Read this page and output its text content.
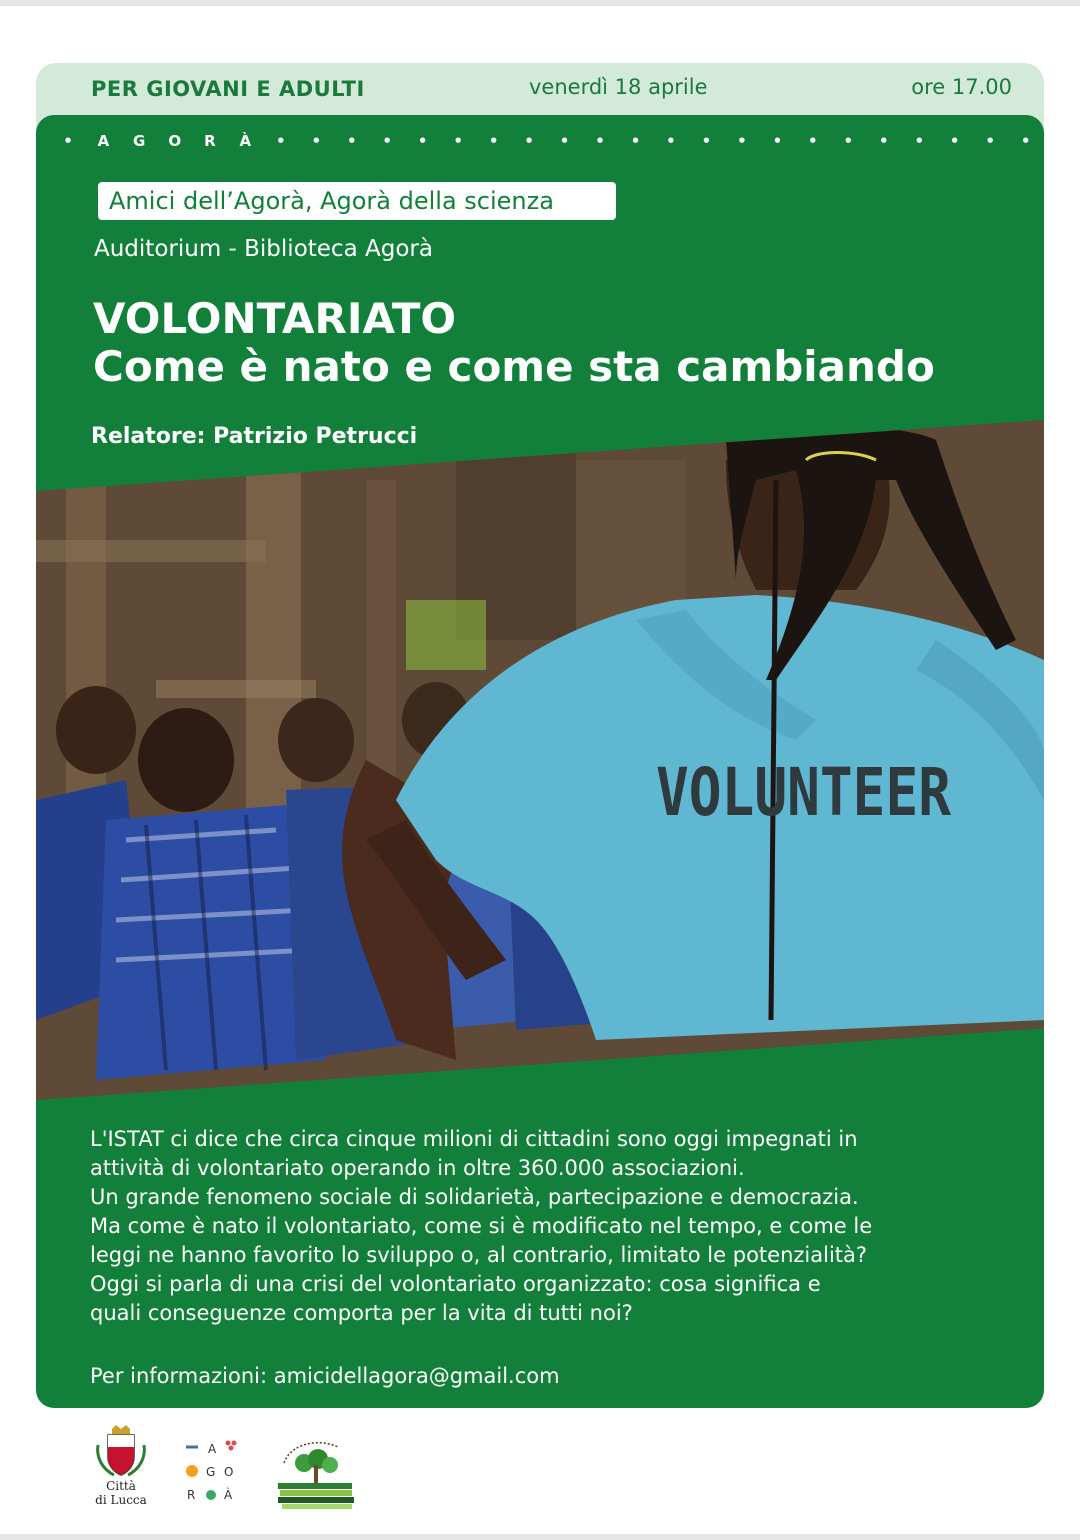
PER GIOVANI E ADULTI	venerdì 18 aprile	ore 17.00
• A G O R À • • • • • • • • • • • • • • • • • • • • • •
Amici dell’Agorà, Agorà della scienza
Auditorium - Biblioteca Agorà
VOLONTARIATO
Come è nato e come sta cambiando
Relatore: Patrizio Petrucci
VOLUNTEER

L'ISTAT ci dice che circa cinque milioni di cittadini sono oggi impegnati in

attività di volontariato operando in oltre 360.000 associazioni.

Un grande fenomeno sociale di solidarietà, partecipazione e democrazia.

Ma come è nato il volontariato, come si è modificato nel tempo, e come le

leggi ne hanno favorito lo sviluppo o, al contrario, limitato le potenzialità?

Oggi si parla di una crisi del volontariato organizzato: cosa significa e

quali conseguenze comporta per la vita di tutti noi?

Per informazioni: amicidellagora@gmail.com
Città
di Lucca
A
G O
R À
